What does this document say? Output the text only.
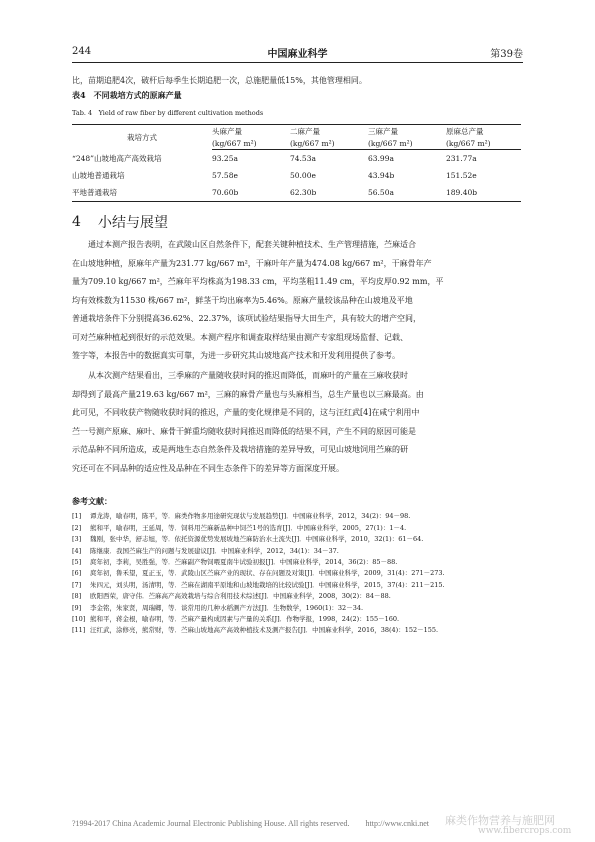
244	中国麻业科学	第39卷
比，苗期追肥4次，破杆后每季生长期追肥一次，总施肥量低15%，其他管理相同。
表4　不同栽培方式的原麻产量
Tab. 4　Yield of raw fiber by different cultivation methods
栽培方式	头麻产量	二麻产量	三麻产量	原麻总产量
	(kg/667 m²)	(kg/667 m²)	(kg/667 m²)	(kg/667 m²)
“248”山坡地高产高效栽培	93.25a	74.53a	63.99a	231.77a
山坡地普通栽培	57.58e	50.00e	43.94b	151.52e
平地普通栽培	70.60b	62.30b	56.50a	189.40b
4 小结与展望
通过本测产报告表明，在武陵山区自然条件下，配套关键种植技术、生产管理措施，苎麻适合
在山坡地种植，原麻年产量为231.77 kg/667 m²，干麻叶年产量为474.08 kg/667 m²，干麻骨年产
量为709.10 kg/667 m²，苎麻年平均株高为198.33 cm，平均茎粗11.49 cm，平均皮厚0.92 mm，平
均有效株数为11530 株/667 m²，鲜茎干均出麻率为5.46%。原麻产量较该品种在山坡地及平地
普通栽培条件下分别提高36.62%、22.37%，该项试验结果指导大田生产，具有较大的增产空间，
可对苎麻种植起到很好的示范效果。本测产程序和调查取样结果由测产专家组现场监督、记载、
签字等，本报告中的数据真实可靠，为进一步研究其山坡地高产技术和开发利用提供了参考。
从本次测产结果看出，三季麻的产量随收获时间的推迟而降低，而麻叶的产量在三麻收获时
却得到了最高产量219.63 kg/667 m²，三麻的麻骨产量也与头麻相当，总生产量也以三麻最高。由
此可见，不同收获产物随收获时间的推迟，产量的变化规律是不同的，这与汪红武[4]在咸宁利用中
苎一号测产原麻、麻叶、麻骨干鲜重均随收获时间推迟而降低的结果不同，产生不同的原因可能是
示范品种不同所造成，或是两地生态自然条件及栽培措施的差异导致，可见山坡地饲用苎麻的研
究还可在不同品种的适应性及品种在不同生态条件下的差异等方面深度开展。
参考文献：
[1]	谭龙涛，喻春明，陈平，等．麻类作物多用途研究现状与发展趋势[J]．中国麻业科学，2012，34(2)：94－98.
[2]	熊和平，喻春明，王延周，等．饲料用苎麻新品种中饲苎1号的选育[J]．中国麻业科学，2005，27(1)：1－4.
[3]	魏刚，张中华，舒志旭，等．依托资源优势发展坡地苎麻防治水土流失[J]．中国麻业科学，2010，32(1)：61－64.
[4]	陈继康．我国苎麻生产的问题与发展建议[J]．中国麻业科学，2012，34(1)：34－37.
[5]	庹年初，李莉，吴胜强，等．苎麻副产物饲喂夏南牛试验初报[J]．中国麻业科学，2014，36(2)：85－88.
[6]	庹年初，鲁禾望，夏正玉，等．武陵山区苎麻产业的现状、存在问题及对策[J]．中国麻业科学，2009，31(4)：271－273.
[7]	朱四元，刘头明，汤清明，等．苎麻在湖南平原地和山坡地栽培的比较试验[J]．中国麻业科学，2015，37(4)：211－215.
[8]	欧阳西荣，唐守伟．苎麻高产高效栽培与综合利用技术综述[J]．中国麻业科学，2008，30(2)：84－88.
[9]	李金铭，朱家贤，周瑞卿，等．谈常用的几种水稻测产方法[J]．生物数学，1960(1)：32－34.
[10] 熊和平，蒋金根，喻春明，等．苎麻产量构成因素与产量的关系[J]．作物学报，1998，24(2)：155－160.
[11] 汪红武，涂修亮，熊常财，等．苎麻山坡地高产高效种植技术及测产报告[J]．中国麻业科学，2016，38(4)：152－155.
?1994-2017 China Academic Journal Electronic Publishing House. All rights reserved.　　http://www.cnki.net 麻类作物营养与施肥网
www.fibercrops.com
